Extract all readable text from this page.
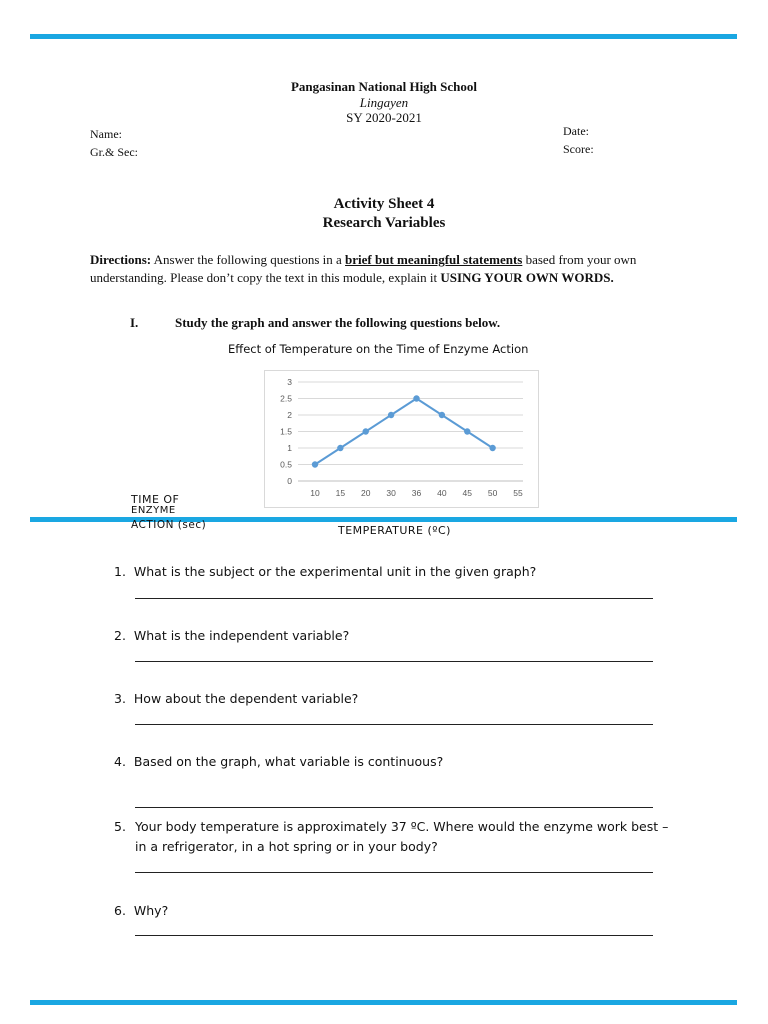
Pangasinan National High School
Lingayen
SY 2020-2021
Name:
Gr.& Sec:
Date:
Score:
Activity Sheet 4
Research Variables
Directions: Answer the following questions in a brief but meaningful statements based from your own understanding. Please don’t copy the text in this module, explain it USING YOUR OWN WORDS.
I.	Study the graph and answer the following questions below.
Effect of Temperature on the Time of Enzyme Action
0
0.5
1
1.5
2
2.5
3
10 15 20 30 36 40 45 50 55
TIME OF
ENZYME
ACTION (sec)	TEMPERATURE (ºC)
1. What is the subject or the experimental unit in the given graph?
2. What is the independent variable?
3. How about the dependent variable?
4. Based on the graph, what variable is continuous?
5. Your body temperature is approximately 37 ºC. Where would the enzyme work best – in a refrigerator, in a hot spring or in your body?
6. Why?
